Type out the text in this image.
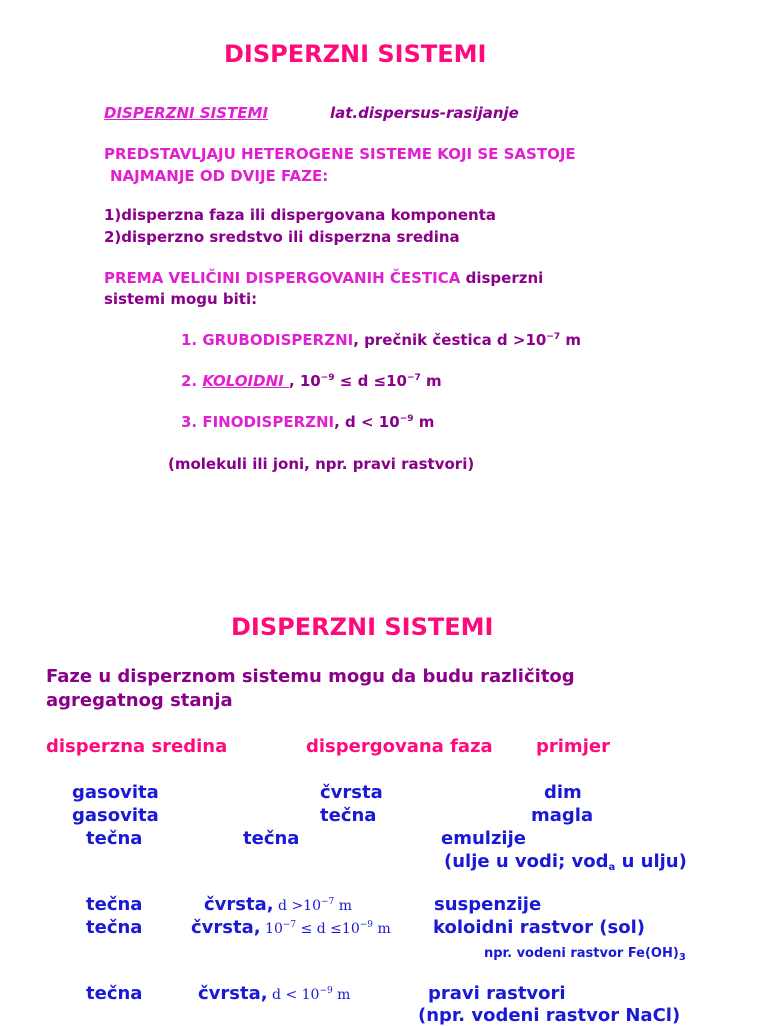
DISPERZNI SISTEMI
DISPERZNI SISTEMI	lat.dispersus-rasijanje
PREDSTAVLJAJU HETEROGENE SISTEME KOJI SE SASTOJE
NAJMANJE OD DVIJE FAZE:
1)disperzna faza ili dispergovana komponenta
2)disperzno sredstvo ili disperzna sredina
PREMA VELIČINI DISPERGOVANIH ČESTICA disperzni
sistemi mogu biti:
1. GRUBODISPERZNI, prečnik čestica $d >10^{-7}$ m
2. KOLOIDNI , $10^{-9} \le d \le 10^{-7}$ m
3. FINODISPERZNI, $d < 10^{-9}$ m
(molekuli ili joni, npr. pravi rastvori)
DISPERZNI SISTEMI
Faze u disperznom sistemu mogu da budu različitog
agregatnog stanja
disperzna sredina	dispergovana faza primjer
gasovita	čvrsta	dim
gasovita	tečna	magla
tečna	tečna	emulzije
(ulje u vodi; vod$_a$ u ulju)
tečna	čvrsta, $d >10^{-7}$ m	suspenzije
tečna	čvrsta, $10^{-7} \le d \le 10^{-9}$ m koloidni rastvor (sol)
npr. vodeni rastvor $Fe(OH)_3$
tečna	čvrsta, $d < 10^{-9}$ m	pravi rastvori
(npr. vodeni rastvor NaCl)
